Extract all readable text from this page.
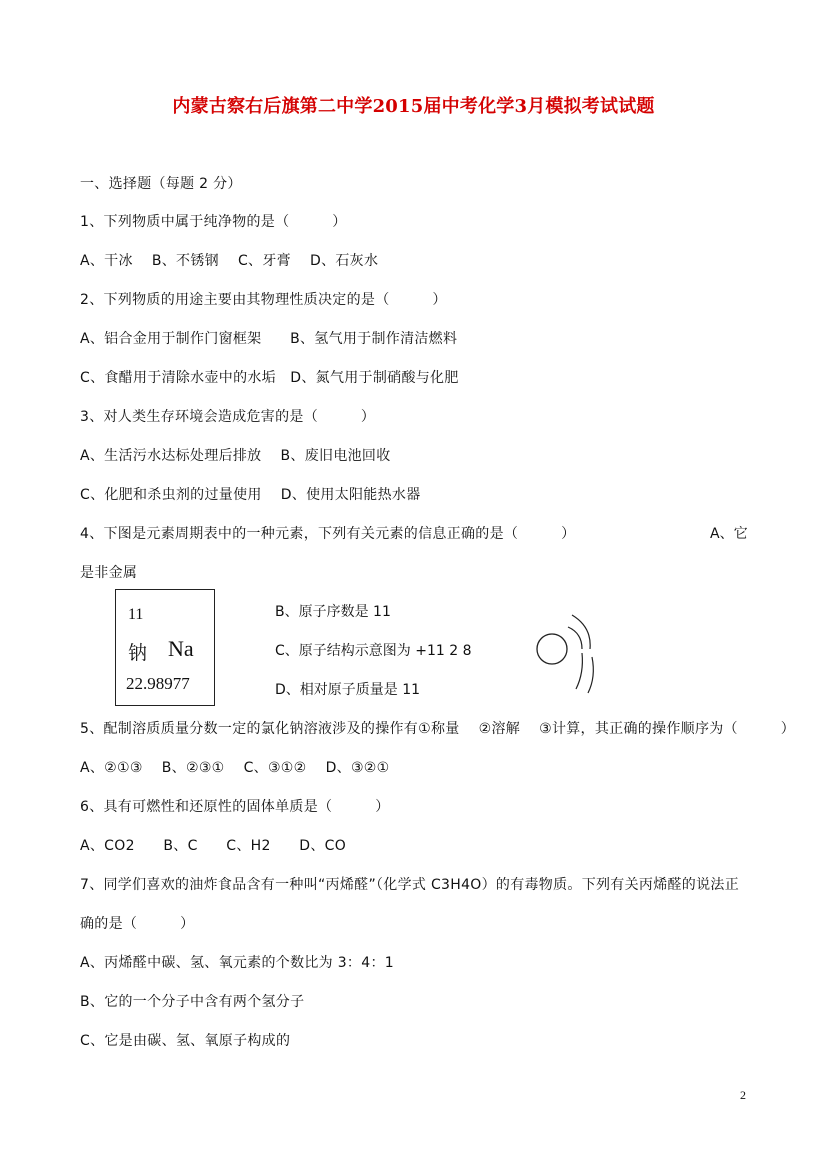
内蒙古察右后旗第二中学2015届中考化学3月模拟考试试题
一、选择题（每题 2 分）
1、下列物质中属于纯净物的是（　　　）
A、干冰　 B、不锈钢　 C、牙膏　 D、石灰水
2、下列物质的用途主要由其物理性质决定的是（　　　）
A、铝合金用于制作门窗框架　　B、氢气用于制作清洁燃料
C、食醋用于清除水壶中的水垢　D、氮气用于制硝酸与化肥
3、对人类生存环境会造成危害的是（　　　）
A、生活污水达标处理后排放　 B、废旧电池回收
C、化肥和杀虫剂的过量使用　 D、使用太阳能热水器
4、下图是元素周期表中的一种元素，下列有关元素的信息正确的是（　　　）	A、它
是非金属
11
钠 Na
22.98977
B、原子序数是 11
C、原子结构示意图为 +11 2 8
D、相对原子质量是 11
5、配制溶质质量分数一定的氯化钠溶液涉及的操作有①称量　 ②溶解　 ③计算，其正确的操作顺序为（　　　）
A、②①③　 B、②③①　 C、③①②　 D、③②①
6、具有可燃性和还原性的固体单质是（　　　）
A、CO2　　B、C　　C、H2　　D、CO
7、同学们喜欢的油炸食品含有一种叫“丙烯醛”（化学式 C3H4O）的有毒物质。下列有关丙烯醛的说法正
确的是（　　　）
A、丙烯醛中碳、氢、氧元素的个数比为 3：4：1
B、它的一个分子中含有两个氢分子
C、它是由碳、氢、氧原子构成的
2
